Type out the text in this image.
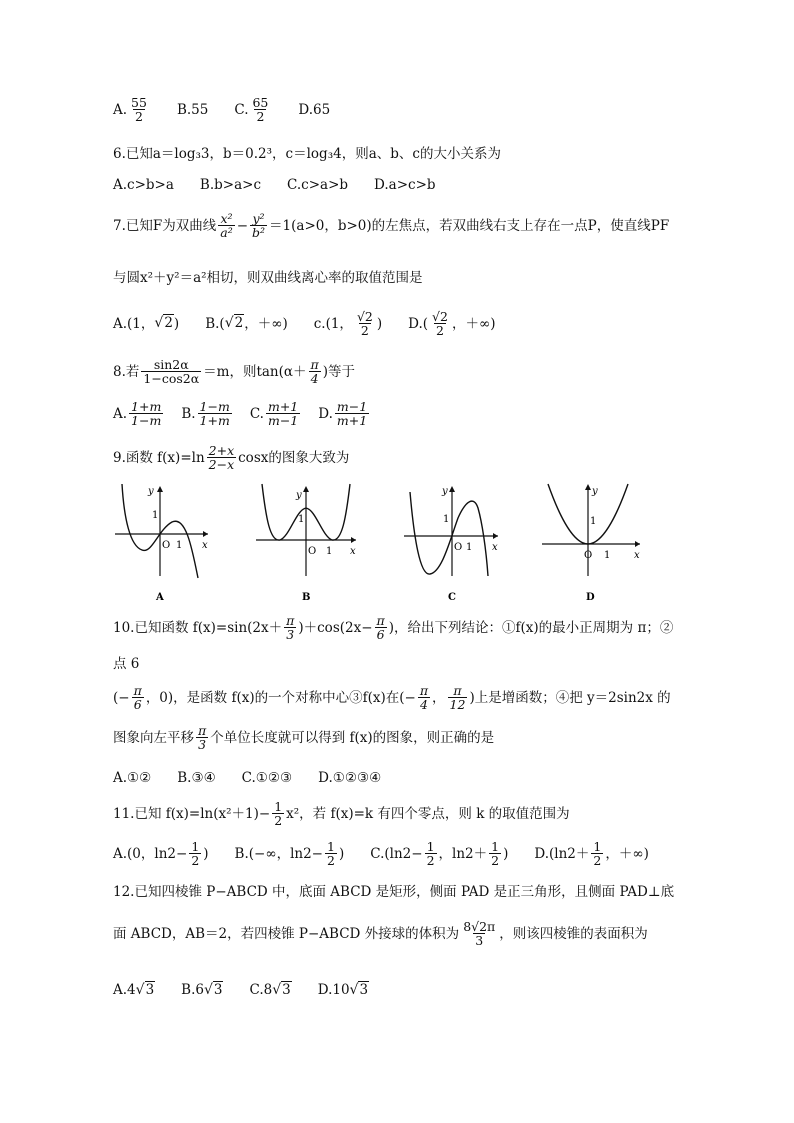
A. $\frac{55}{2} B.55$ C. $\frac{65}{2} D.65$
6.已知a＝log₃3，b＝0.2³，c＝log₃4，则a、b、c的大小关系为
A.c>b>a B.b>a>c C.c>a>b D.a>c>b
7.已知F为双曲线 $\frac{\text{x²}}{\text{a²}} - \frac{\text{y²}}{\text{b²}} =1(a>0$，b>0)的左焦点，若双曲线右支上存在一点P，使直线PF
与圆x²＋y²＝a²相切，则双曲线离心率的取值范围是
A.(1， √2 ) B.( √2 ，＋∞) c.(1， $\frac{√2}{2}$ ) $D.( \frac{√2}{2}$ ，＋∞)
8.若 $\frac{\sin 2\alpha}{1-\cos 2\alpha} =m$，则$\tan(\alpha+ \frac{\pi}{4}$ )等于
A. $\frac{1+m}{1-m} B$. $\frac{1-m}{1+m} C$. $\frac{m+1}{m-1} D$. $\frac{m-1}{m+1}$
9.函数 $f(x)=\ln \frac{2+x}{2-x}$ cosx的图象大致为
1
O 1 x
y
A
1
O 1 x
y
B
1
O 1 x
y
C
1
O 1 x
y
D
10.已知函数 $f(x)=\sin(2x+ \frac{\pi}{3} )+\cos(2x- \frac{\pi}{6}$ )，给出下列结论：①f(x)的最小正周期为 π；②
点 6
(− $\frac{\pi}{6}$ ，0)，是函数 f(x)的一个对称中心③f(x)在(− $\frac{\pi}{4}$ ， $\frac{\pi}{12}$ )上是增函数；④把 y＝2sin2x 的
图象向左平移 $\frac{\pi}{3}$ 个单位长度就可以得到 f(x)的图象，则正确的是
A.①② B.③④ C.①②③ D.①②③④
11.已知 $f(x)=\ln(x^2+1)- \frac{1}{2} x^2$，若 f(x)=k 有四个零点，则 k 的取值范围为
A.(0，$\ln 2- \frac{1}{2}$ ) B.(−∞，$\ln 2- \frac{1}{2}$ ) $C.(\ln 2- \frac{1}{2}$ ，$\ln 2+ \frac{1}{2}$ ) $D.(\ln 2+ \frac{1}{2}$ ，＋∞)
12.已知四棱锥 P−ABCD 中，底面 ABCD 是矩形，侧面 PAD 是正三角形，且侧面 PAD⊥底
面 ABCD，AB＝2，若四棱锥 P−ABCD 外接球的体积为 $\frac{8√2\pi}{3}$ ，则该四棱锥的表面积为
A.4 √3 B.6 √3 C.8 √3 D.10 √3
